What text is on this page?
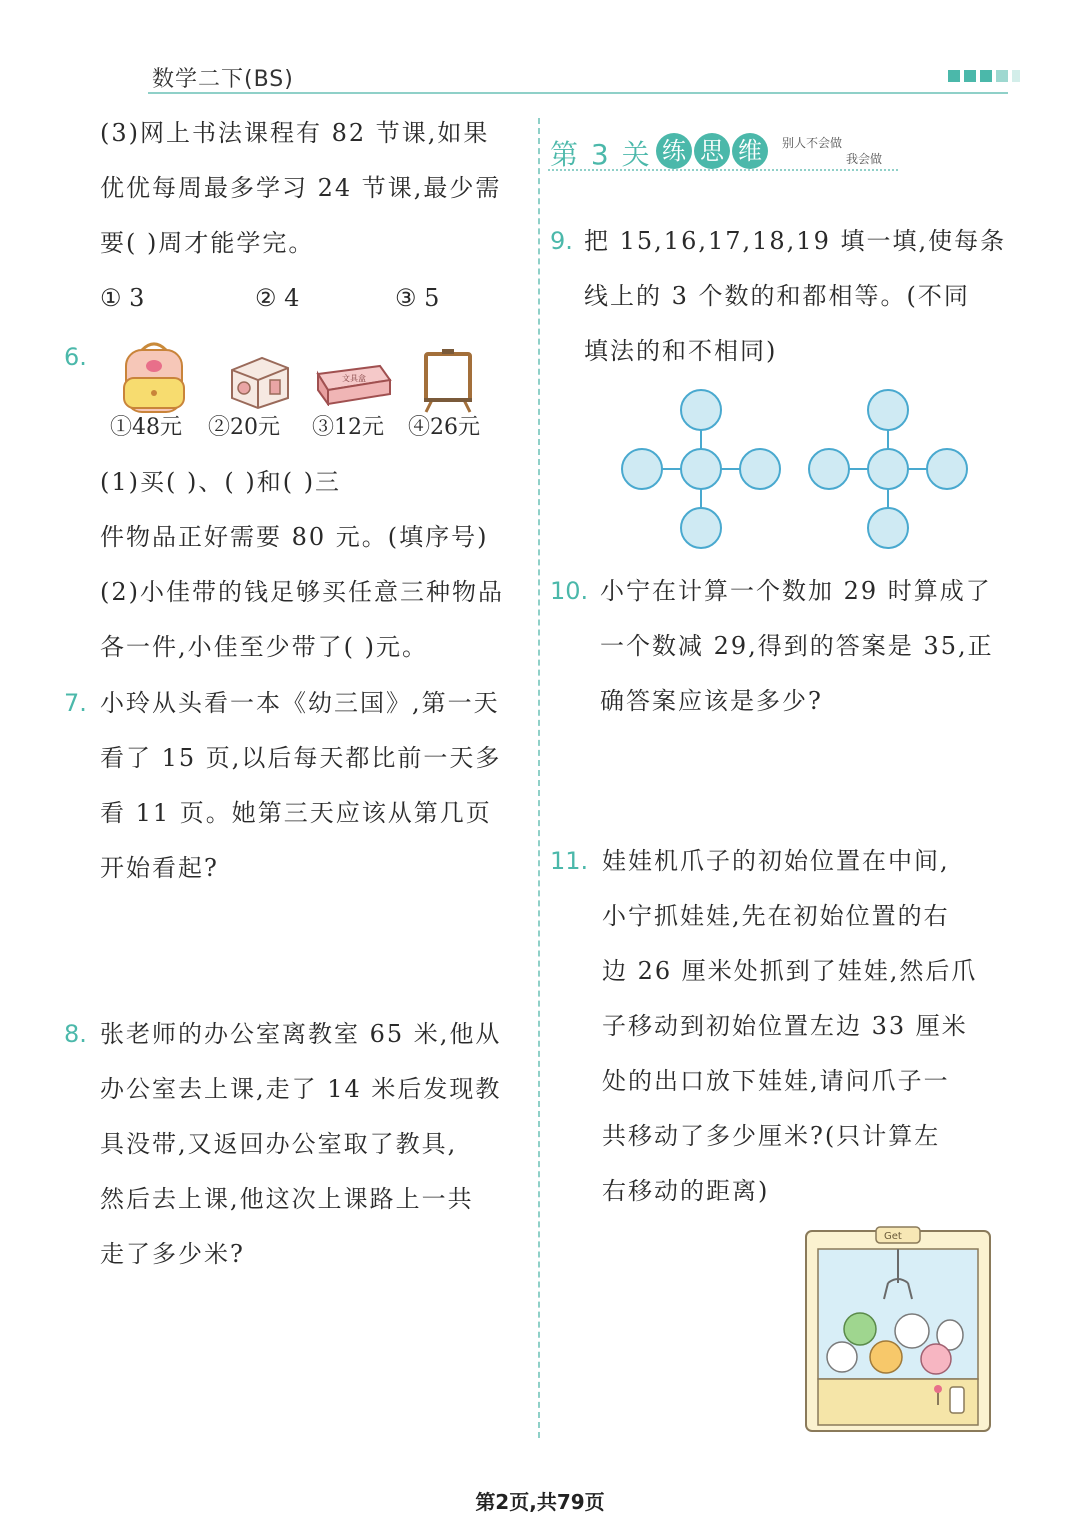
数学二下(BS)
(3)网上书法课程有 82 节课,如果
优优每周最多学习 24 节课,最少需
要( )周才能学完。
① 3	② 4	③ 5
6.
文具盒
①48元 ②20元 ③12元 ④26元
(1)买( )、( )和( )三
件物品正好需要 80 元。(填序号)
(2)小佳带的钱足够买任意三种物品
各一件,小佳至少带了( )元。
7. 小玲从头看一本《幼三国》,第一天
看了 15 页,以后每天都比前一天多
看 11 页。她第三天应该从第几页
开始看起?
8. 张老师的办公室离教室 65 米,他从
办公室去上课,走了 14 米后发现教
具没带,又返回办公室取了教具,
然后去上课,他这次上课路上一共
走了多少米?
第 3 关 练 思 维	别人不会做
我会做
9. 把 15,16,17,18,19 填一填,使每条
线上的 3 个数的和都相等。(不同
填法的和不相同)
10. 小宁在计算一个数加 29 时算成了
一个数减 29,得到的答案是 35,正
确答案应该是多少?
11. 娃娃机爪子的初始位置在中间,
小宁抓娃娃,先在初始位置的右
边 26 厘米处抓到了娃娃,然后爪
子移动到初始位置左边 33 厘米
处的出口放下娃娃,请问爪子一
共移动了多少厘米?(只计算左
右移动的距离)
Get
第2页,共79页
